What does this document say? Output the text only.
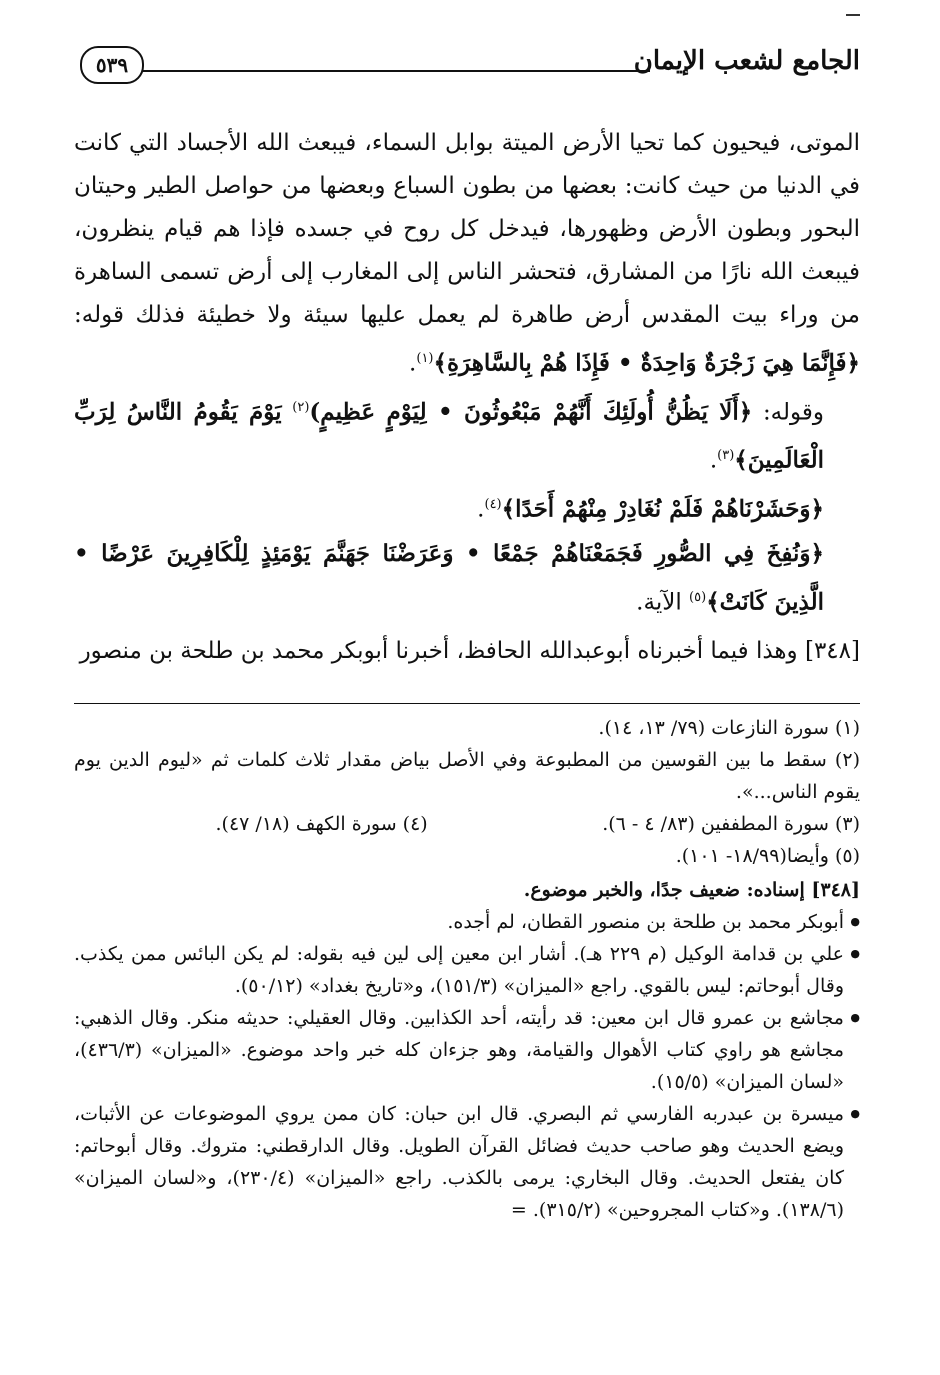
الجامع لشعب الإيمان
٥٣٩

الموتى، فيحيون كما تحيا الأرض الميتة بوابل السماء، فيبعث الله الأجساد التي كانت في الدنيا من حيث كانت: بعضها من بطون السباع وبعضها من حواصل الطير وحيتان البحور وبطون الأرض وظهورها، فيدخل كل روح في جسده فإذا هم قيام ينظرون، فيبعث الله نارًا من المشارق، فتحشر الناس إلى المغارب إلى أرض تسمى الساهرة من وراء بيت المقدس أرض طاهرة لم يعمل عليها سيئة ولا خطيئة فذلك قوله: ﴿فَإِنَّمَا هِيَ زَجْرَةٌ وَاحِدَةٌ • فَإِذَا هُمْ بِالسَّاهِرَةِ﴾$^{(١)}$.

وقوله: ﴿أَلَا يَظُنُّ أُولَئِكَ أَنَّهُمْ مَبْعُوثُونَ • لِيَوْمٍ عَظِيمٍ)$^{(٢)}$ يَوْمَ يَقُومُ النَّاسُ لِرَبِّ الْعَالَمِينَ﴾$^{(٣)}$.

﴿وَحَشَرْنَاهُمْ فَلَمْ نُغَادِرْ مِنْهُمْ أَحَدًا﴾$^{(٤)}$.

﴿وَنُفِخَ فِي الصُّورِ فَجَمَعْنَاهُمْ جَمْعًا • وَعَرَضْنَا جَهَنَّمَ يَوْمَئِذٍ لِلْكَافِرِينَ عَرْضًا • الَّذِينَ كَانَتْ﴾$^{(٥)}$ الآية.

[٣٤٨] وهذا فيما أخبرناه أبوعبدالله الحافظ، أخبرنا أبوبكر محمد بن طلحة بن منصور

(١) سورة النازعات (٧٩/ ١٣، ١٤).

(٢) سقط ما بين القوسين من المطبوعة وفي الأصل بياض مقدار ثلاث كلمات ثم «ليوم الدين يوم يقوم الناس...».

(٣) سورة المطففين (٨٣/ ٤ - ٦).

(٤) سورة الكهف (١٨/ ٤٧).

(٥) وأيضا(١٨/٩٩- ١٠١).

[٣٤٨] إسناده: ضعيف جدًا، والخبر موضوع.

● أبوبكر محمد بن طلحة بن منصور القطان، لم أجده.
● علي بن قدامة الوكيل (م ٢٢٩ هـ). أشار ابن معين إلى لين فيه بقوله: لم يكن البائس ممن يكذب. وقال أبوحاتم: ليس بالقوي. راجع «الميزان» (١٥١/٣)، و«تاريخ بغداد» (٥٠/١٢).
● مجاشع بن عمرو قال ابن معين: قد رأيته، أحد الكذابين. وقال العقيلي: حديثه منكر. وقال الذهبي: مجاشع هو راوي كتاب الأهوال والقيامة، وهو جزءان كله خبر واحد موضوع. «الميزان» (٤٣٦/٣)، «لسان الميزان» (١٥/٥).
● ميسرة بن عبدربه الفارسي ثم البصري. قال ابن حبان: كان ممن يروي الموضوعات عن الأثبات، ويضع الحديث وهو صاحب حديث فضائل القرآن الطويل. وقال الدارقطني: متروك. وقال أبوحاتم: كان يفتعل الحديث. وقال البخاري: يرمى بالكذب. راجع «الميزان» (٢٣٠/٤)، و«لسان الميزان» (١٣٨/٦). و«كتاب المجروحين» (٣١٥/٢). =
